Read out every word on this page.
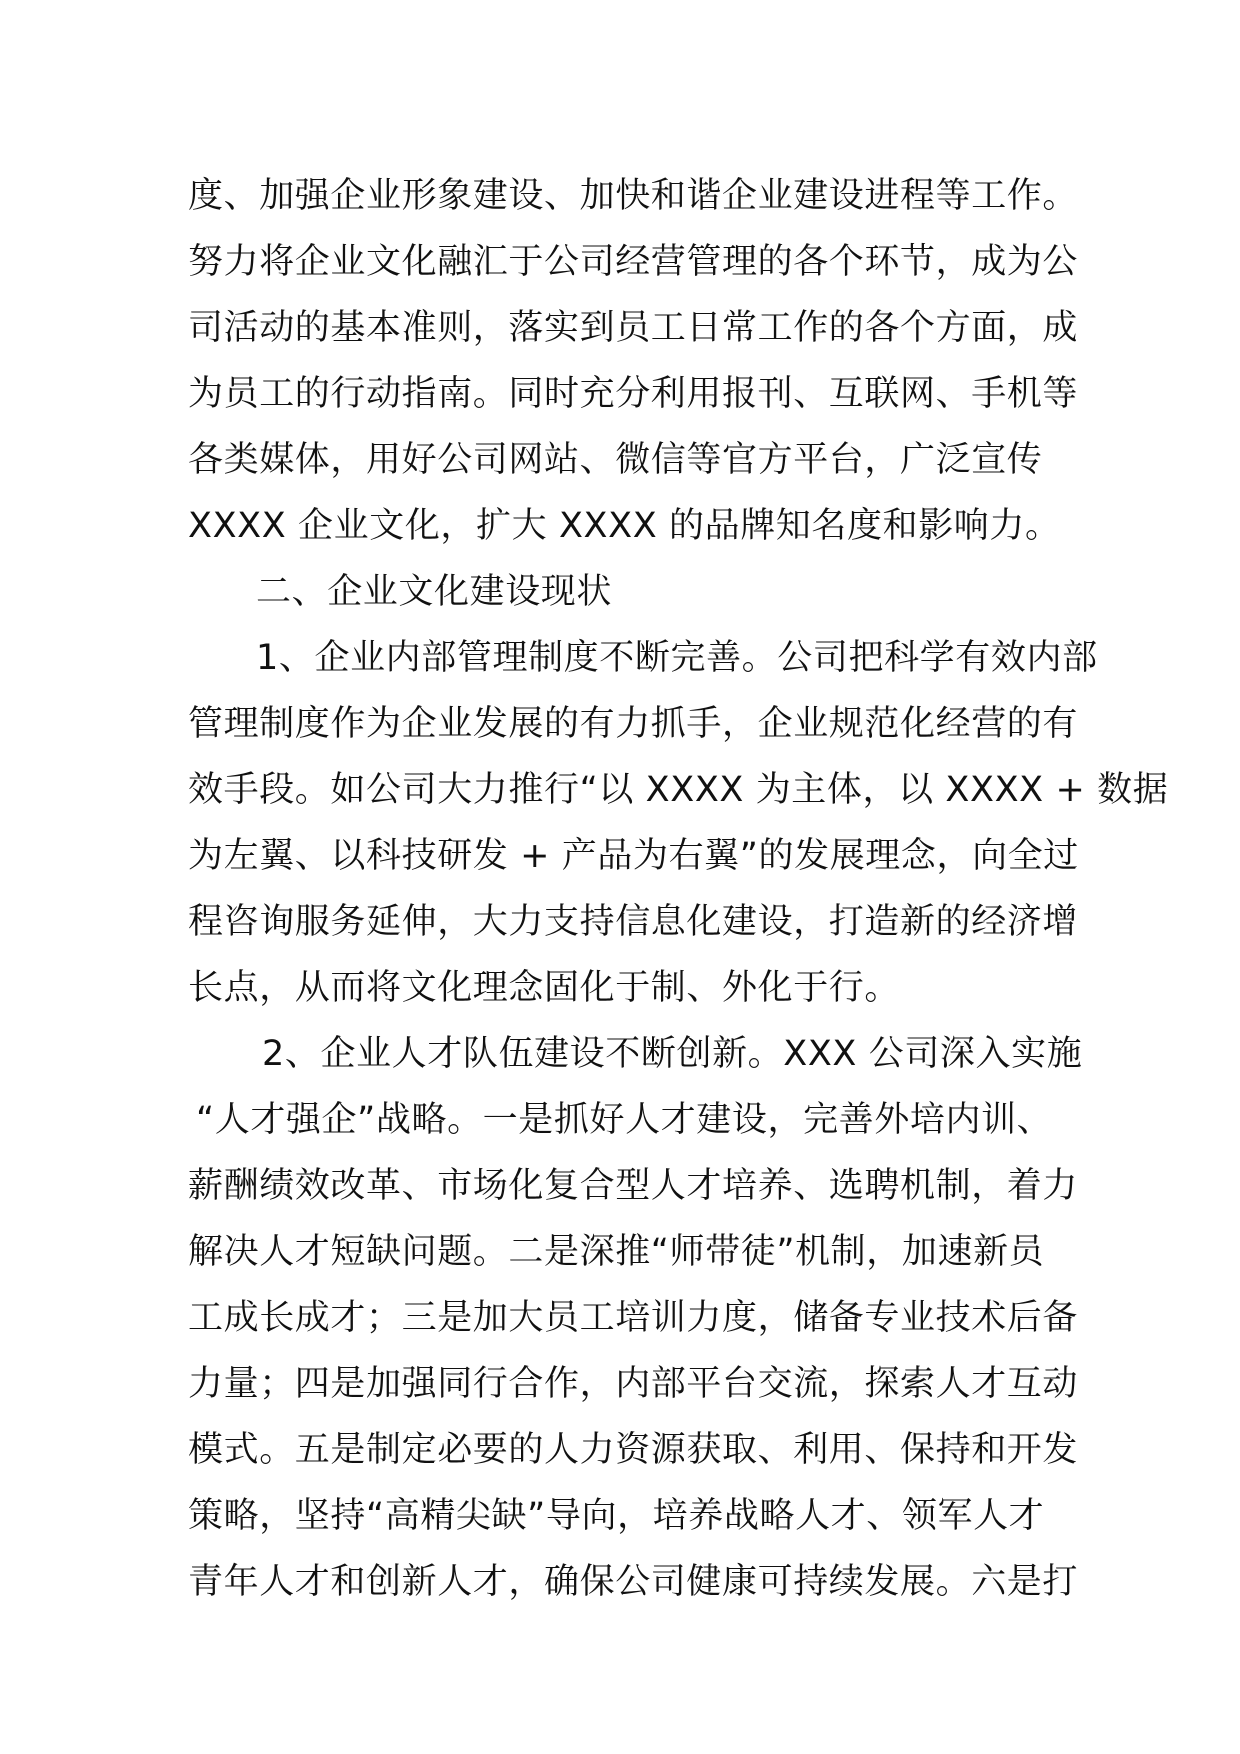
度、加强企业形象建设、加快和谐企业建设进程等工作。
努力将企业文化融汇于公司经营管理的各个环节，成为公
司活动的基本准则，落实到员工日常工作的各个方面，成
为员工的行动指南。同时充分利用报刊、互联网、手机等
各类媒体，用好公司网站、微信等官方平台，广泛宣传
XXXX 企业文化，扩大 XXXX 的品牌知名度和影响力。
二、企业文化建设现状
1、企业内部管理制度不断完善。公司把科学有效内部
管理制度作为企业发展的有力抓手，企业规范化经营的有
效手段。如公司大力推行“以 XXXX 为主体，以 XXXX + 数据
为左翼、以科技研发 + 产品为右翼”的发展理念，向全过
程咨询服务延伸，大力支持信息化建设，打造新的经济增
长点，从而将文化理念固化于制、外化于行。
2、企业人才队伍建设不断创新。XXX 公司深入实施
“人才强企”战略。一是抓好人才建设，完善外培内训、
薪酬绩效改革、市场化复合型人才培养、选聘机制，着力
解决人才短缺问题。二是深推“师带徒”机制，加速新员
工成长成才；三是加大员工培训力度，储备专业技术后备
力量；四是加强同行合作，内部平台交流，探索人才互动
模式。五是制定必要的人力资源获取、利用、保持和开发
策略，坚持“高精尖缺”导向，培养战略人才、领军人才
青年人才和创新人才，确保公司健康可持续发展。六是打
